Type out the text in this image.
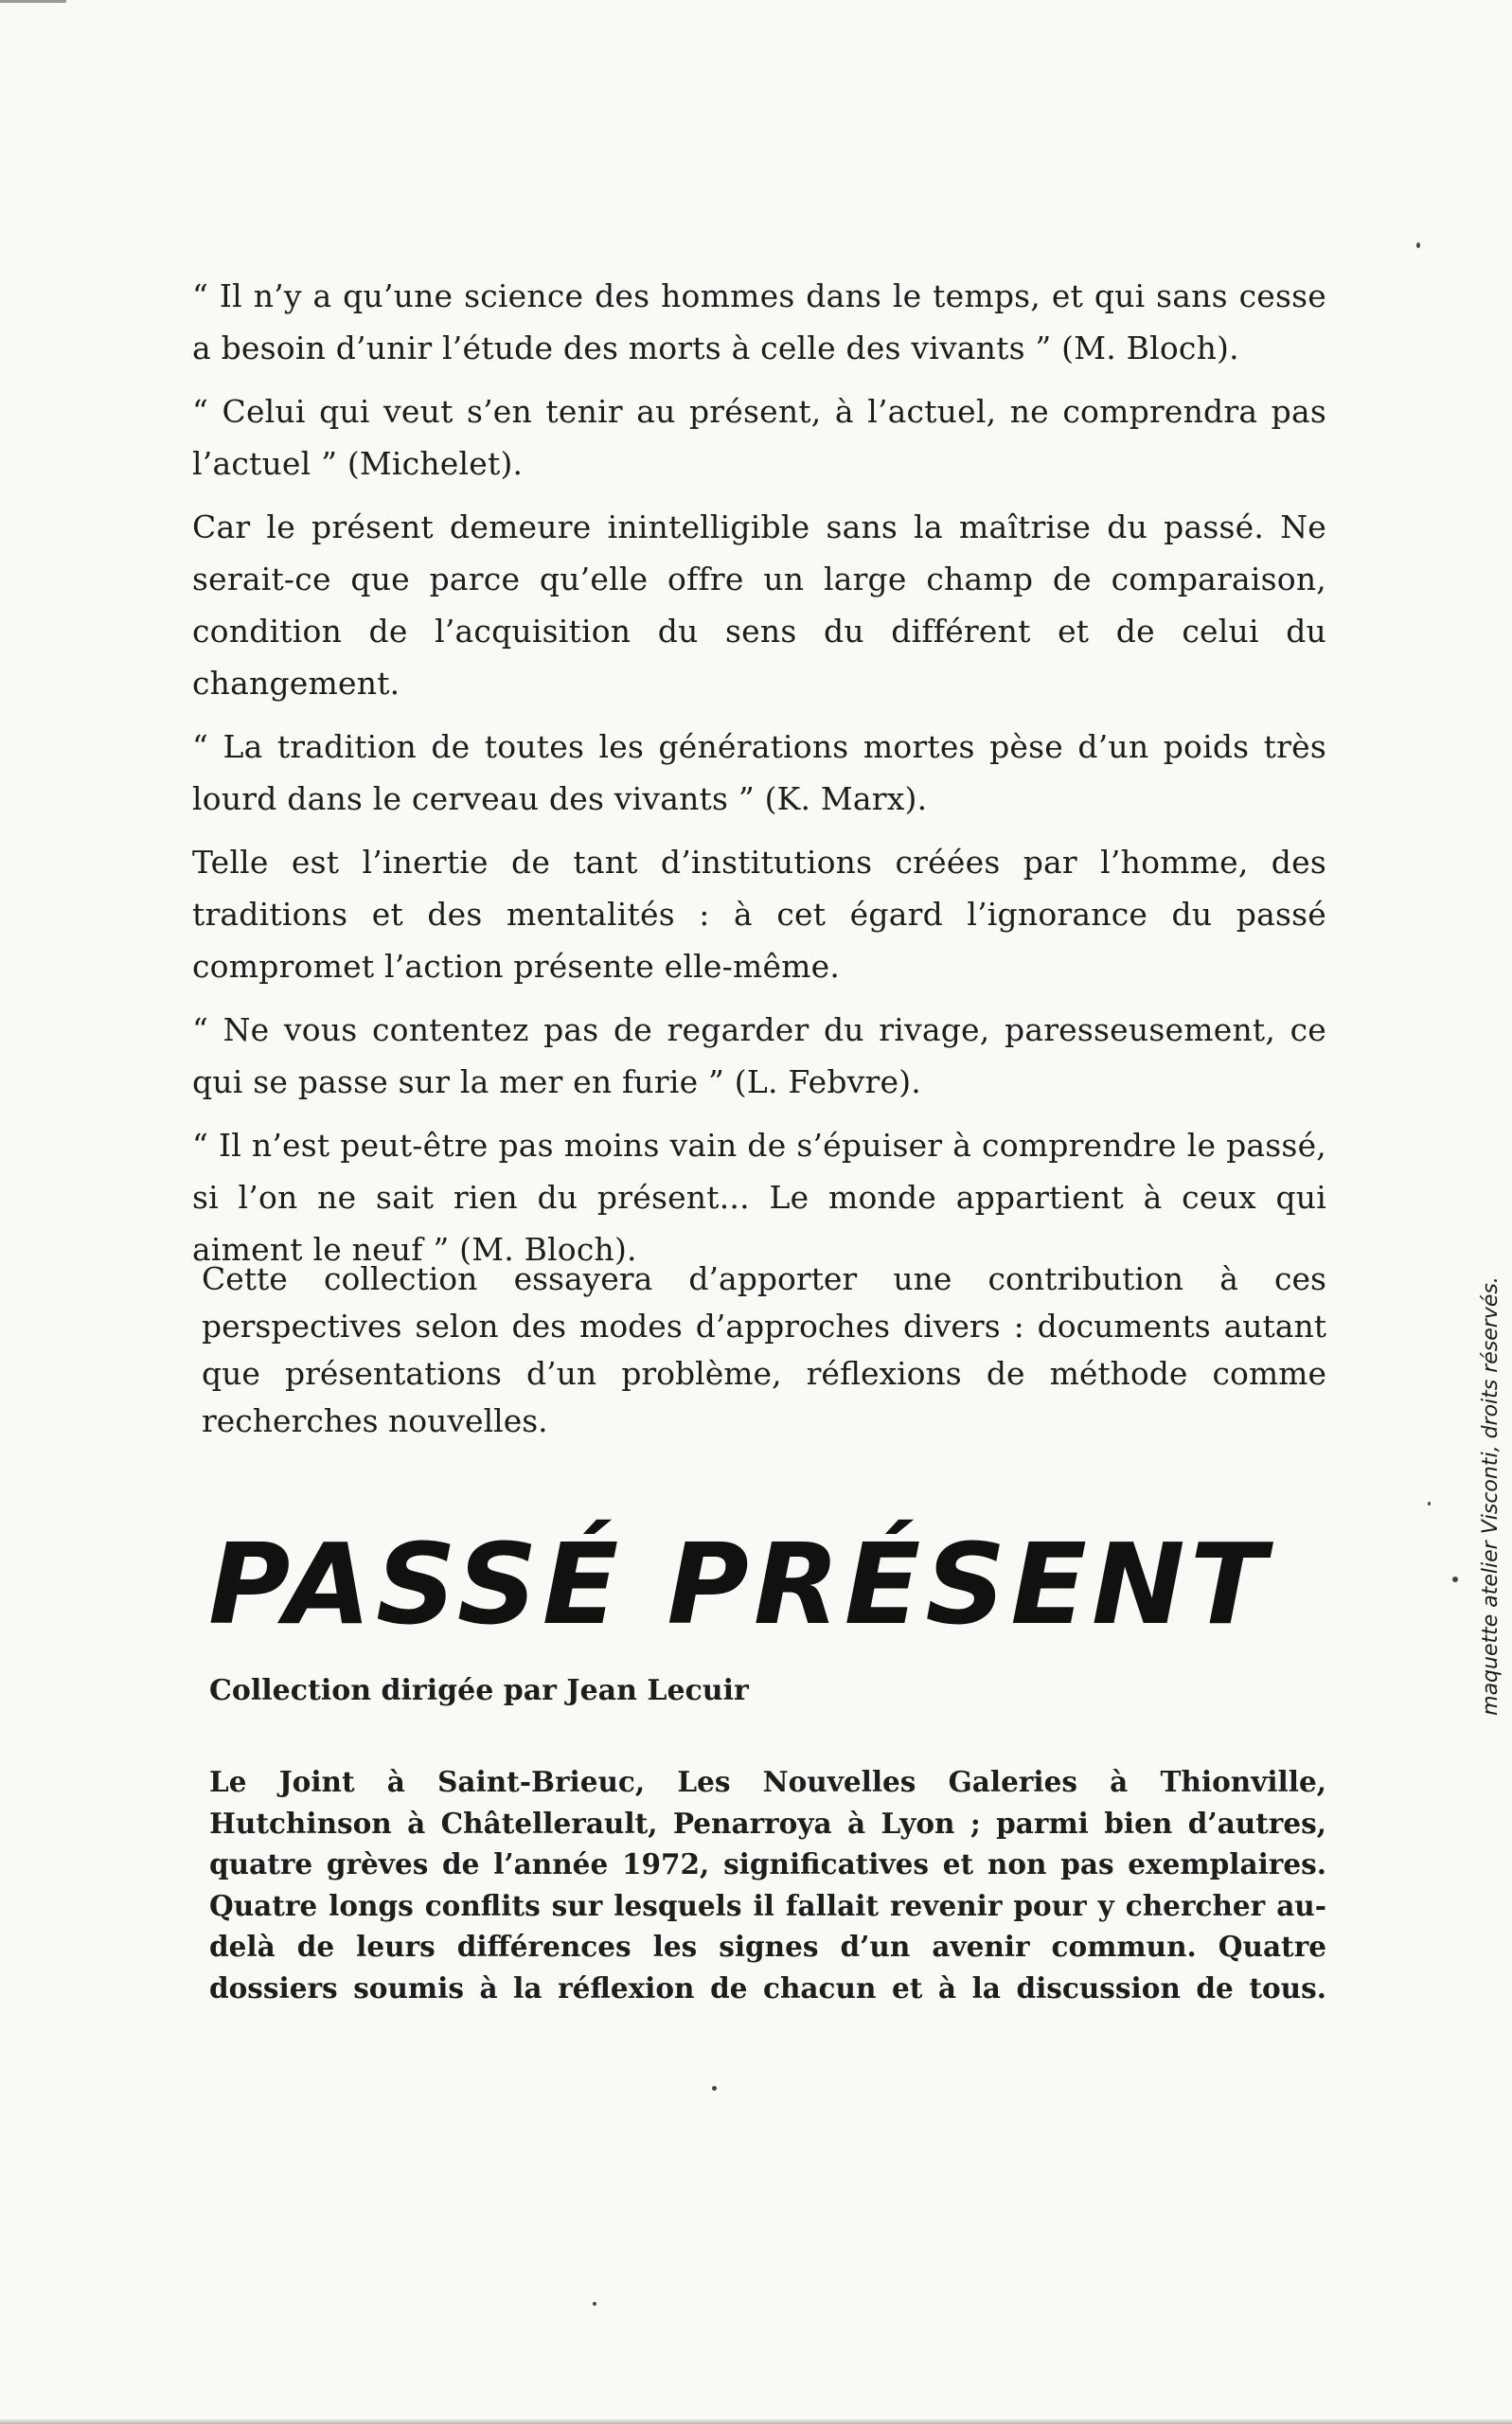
“ Il n’y a qu’une science des hommes dans le temps, et qui sans cesse a besoin d’unir l’étude des morts à celle des vivants ” (M. Bloch).

“ Celui qui veut s’en tenir au présent, à l’actuel, ne comprendra pas l’actuel ” (Michelet).

Car le présent demeure inintelligible sans la maîtrise du passé. Ne serait-ce que parce qu’elle offre un large champ de comparaison, condition de l’acquisition du sens du différent et de celui du changement.

“ La tradition de toutes les générations mortes pèse d’un poids très lourd dans le cerveau des vivants ” (K. Marx).

Telle est l’inertie de tant d’institutions créées par l’homme, des traditions et des mentalités : à cet égard l’ignorance du passé compromet l’action présente elle-même.

“ Ne vous contentez pas de regarder du rivage, paresseusement, ce qui se passe sur la mer en furie ” (L. Febvre).

“ Il n’est peut-être pas moins vain de s’épuiser à comprendre le passé, si l’on ne sait rien du présent... Le monde appartient à ceux qui aiment le neuf ” (M. Bloch).

Cette collection essayera d’apporter une contribution à ces perspectives selon des modes d’approches divers : documents autant que présentations d’un problème, réflexions de méthode comme recherches nouvelles.

PASSÉ PRÉSENT

Collection dirigée par Jean Lecuir

Le Joint à Saint-Brieuc, Les Nouvelles Galeries à Thionville, Hutchinson à Châtellerault, Penarroya à Lyon ; parmi bien d’autres, quatre grèves de l’année 1972, significatives et non pas exemplaires. Quatre longs conflits sur lesquels il fallait revenir pour y chercher au-delà de leurs différences les signes d’un avenir commun. Quatre dossiers soumis à la réflexion de chacun et à la discussion de tous.

maquette atelier Visconti, droits réservés.
